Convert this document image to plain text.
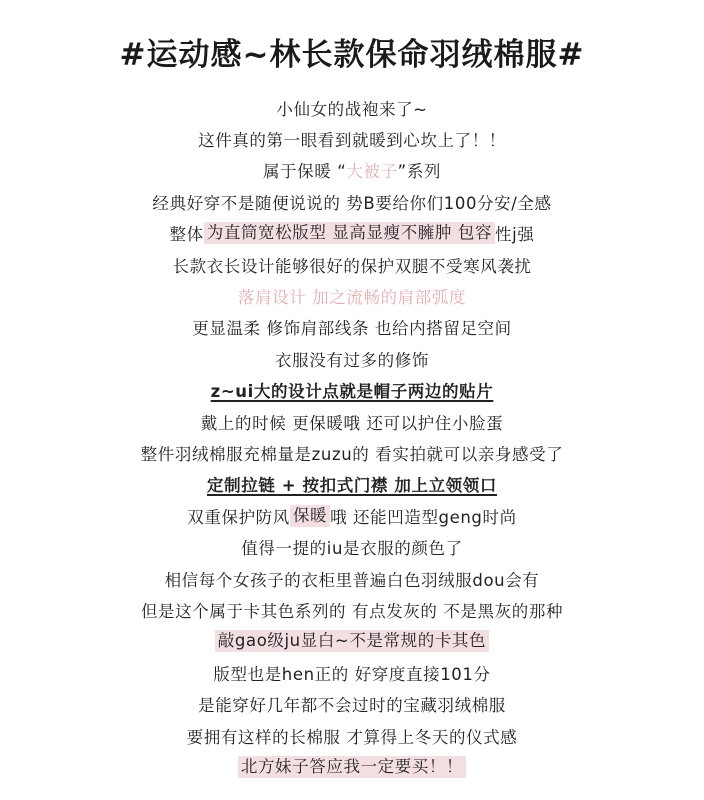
#运动感~林长款保命羽绒棉服#
小仙女的战袍来了~
这件真的第一眼看到就暖到心坎上了！！
属于保暖 “ 大被子 ”系列
经典好穿不是随便说说的 势B要给你们100分安/全感
整体 为直筒宽松版型 显高显瘦不臃肿 包容 性j强
长款衣长设计能够很好的保护双腿不受寒风袭扰
落肩设计 加之流畅的肩部弧度
更显温柔 修饰肩部线条 也给内搭留足空间
衣服没有过多的修饰
z~ui大的设计点就是帽子两边的贴片
戴上的时候 更保暖哦 还可以护住小脸蛋
整件羽绒棉服充棉量是zuzu的 看实拍就可以亲身感受了
定制拉链 + 按扣式门襟 加上立领领口
双重保护防风 保暖 哦 还能凹造型geng时尚
值得一提的iu是衣服的颜色了
相信每个女孩子的衣柜里普遍白色羽绒服dou会有
但是这个属于卡其色系列的 有点发灰的 不是黑灰的那种
敲gao级ju显白~不是常规的卡其色
版型也是hen正的 好穿度直接101分
是能穿好几年都不会过时的宝藏羽绒棉服
要拥有这样的长棉服 才算得上冬天的仪式感
北方妹子答应我一定要买！！
